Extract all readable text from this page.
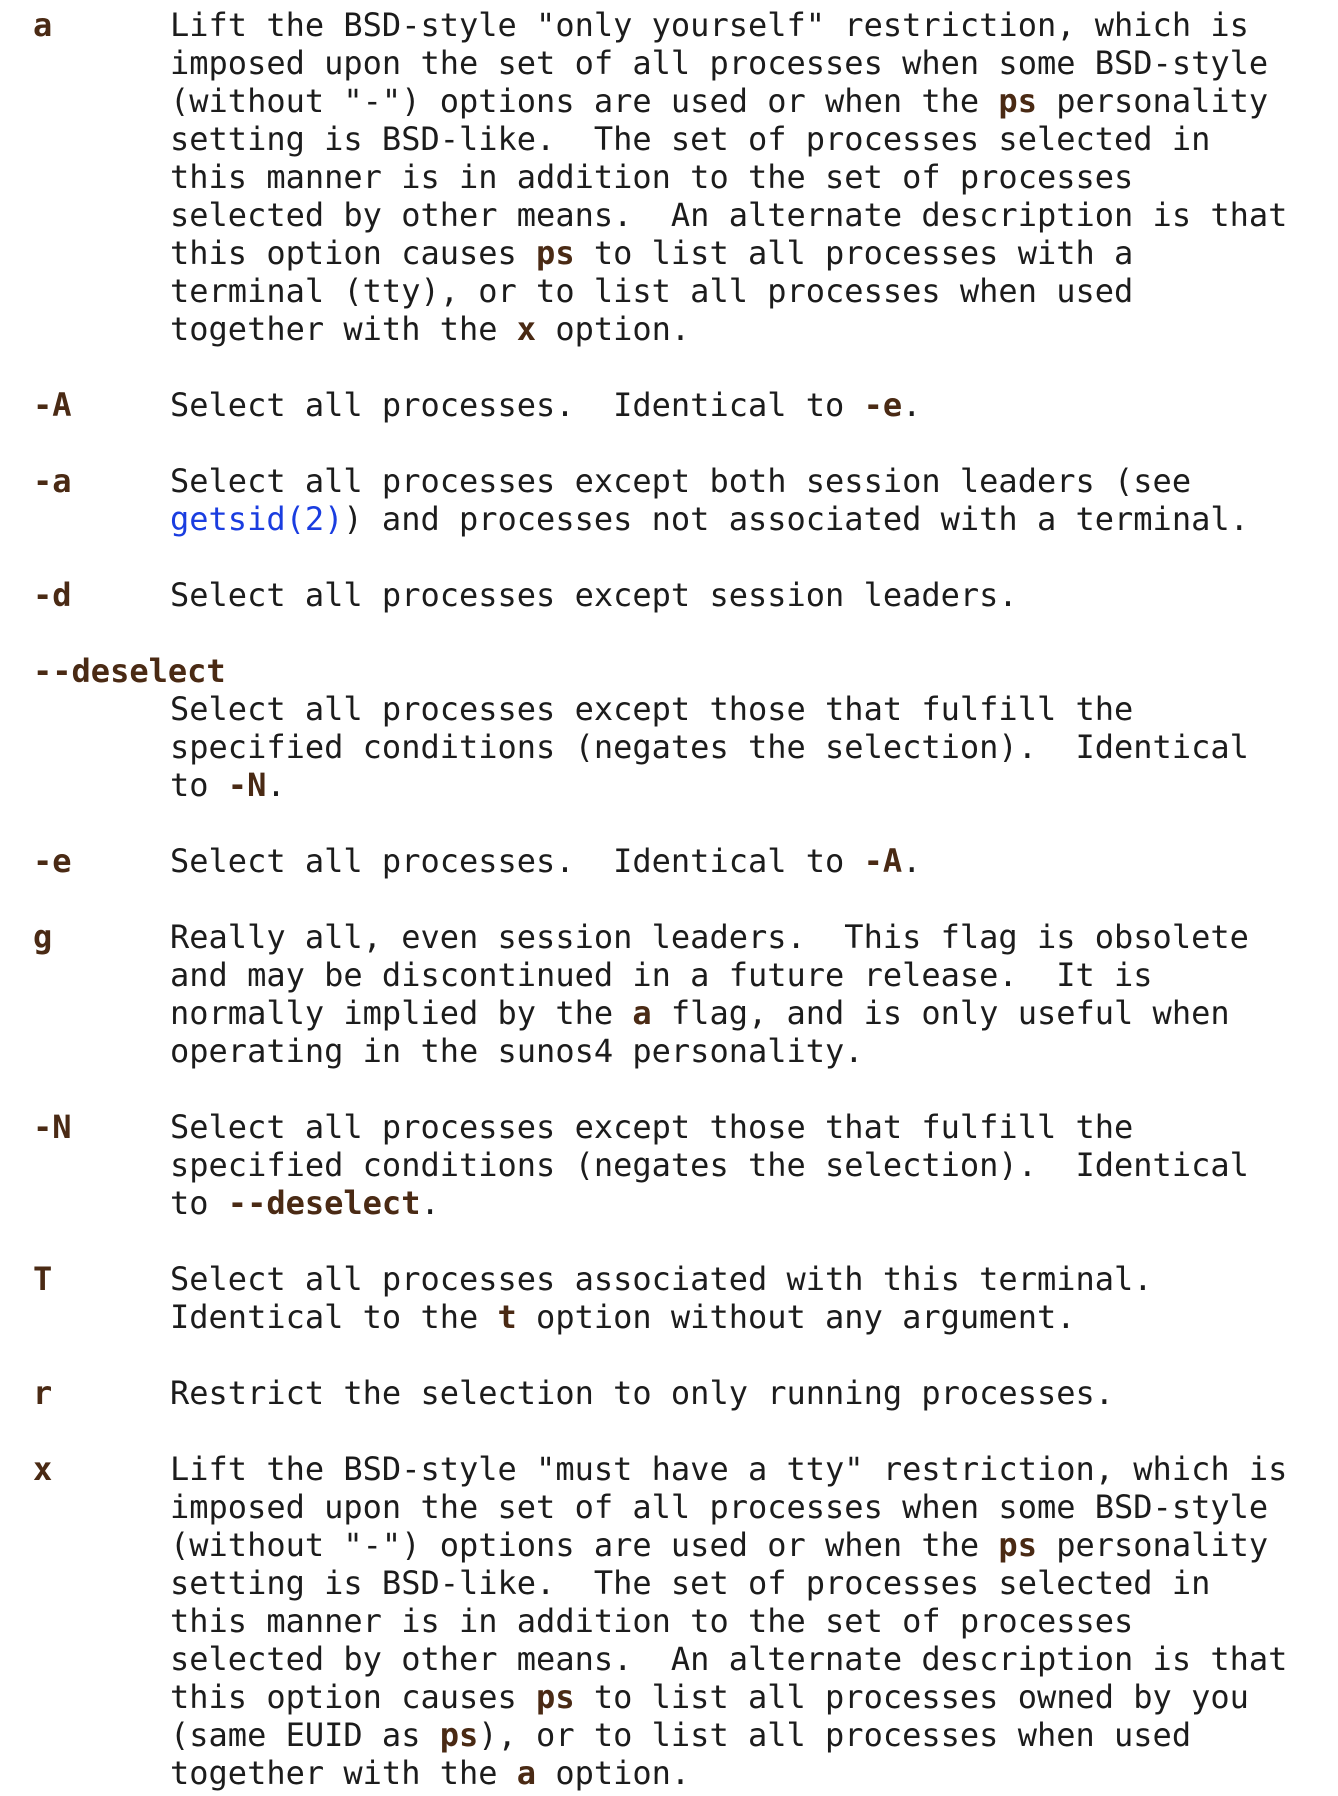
a	Lift the BSD-style "only yourself" restriction, which is
imposed upon the set of all processes when some BSD-style
(without "-") options are used or when the ps personality
setting is BSD-like.  The set of processes selected in
this manner is in addition to the set of processes
selected by other means.  An alternate description is that
this option causes ps to list all processes with a
terminal (tty), or to list all processes when used
together with the x option.
-A	Select all processes.  Identical to -e.
-a	Select all processes except both session leaders (see
getsid(2)) and processes not associated with a terminal.
-d	Select all processes except session leaders.
--deselect
Select all processes except those that fulfill the
specified conditions (negates the selection).  Identical
to -N.
-e	Select all processes.  Identical to -A.
g	Really all, even session leaders.  This flag is obsolete
and may be discontinued in a future release.  It is
normally implied by the a flag, and is only useful when
operating in the sunos4 personality.
-N	Select all processes except those that fulfill the
specified conditions (negates the selection).  Identical
to --deselect.
T	Select all processes associated with this terminal.
Identical to the t option without any argument.
r	Restrict the selection to only running processes.
x	Lift the BSD-style "must have a tty" restriction, which is
imposed upon the set of all processes when some BSD-style
(without "-") options are used or when the ps personality
setting is BSD-like.  The set of processes selected in
this manner is in addition to the set of processes
selected by other means.  An alternate description is that
this option causes ps to list all processes owned by you
(same EUID as ps), or to list all processes when used
together with the a option.
